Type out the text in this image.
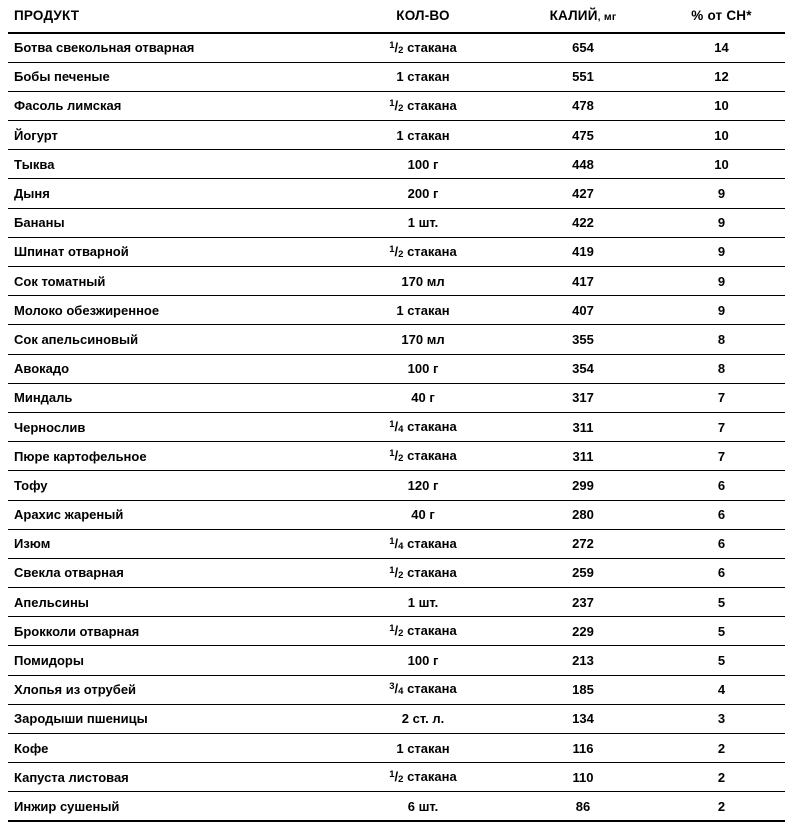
ПРОДУКТ	КОЛ-ВО	КАЛИЙ, мг	% от СН*
Ботва свекольная отварная	$^1$/2 стакана	654	14
Бобы печеные	1 стакан	551	12
Фасоль лимская	$^1$/2 стакана	478	10
Йогурт	1 стакан	475	10
Тыква	100 г	448	10
Дыня	200 г	427	9
Бананы	1 шт.	422	9
Шпинат отварной	$^1$/2 стакана	419	9
Сок томатный	170 мл	417	9
Молоко обезжиренное	1 стакан	407	9
Сок апельсиновый	170 мл	355	8
Авокадо	100 г	354	8
Миндаль	40 г	317	7
Чернослив	$^1$/4 стакана	311	7
Пюре картофельное	$^1$/2 стакана	311	7
Тофу	120 г	299	6
Арахис жареный	40 г	280	6
Изюм	$^1$/4 стакана	272	6
Свекла отварная	$^1$/2 стакана	259	6
Апельсины	1 шт.	237	5
Брокколи отварная	$^1$/2 стакана	229	5
Помидоры	100 г	213	5
Хлопья из отрубей	$^3$/4 стакана	185	4
Зародыши пшеницы	2 ст. л.	134	3
Кофе	1 стакан	116	2
Капуста листовая	$^1$/2 стакана	110	2
Инжир сушеный	6 шт.	86	2
